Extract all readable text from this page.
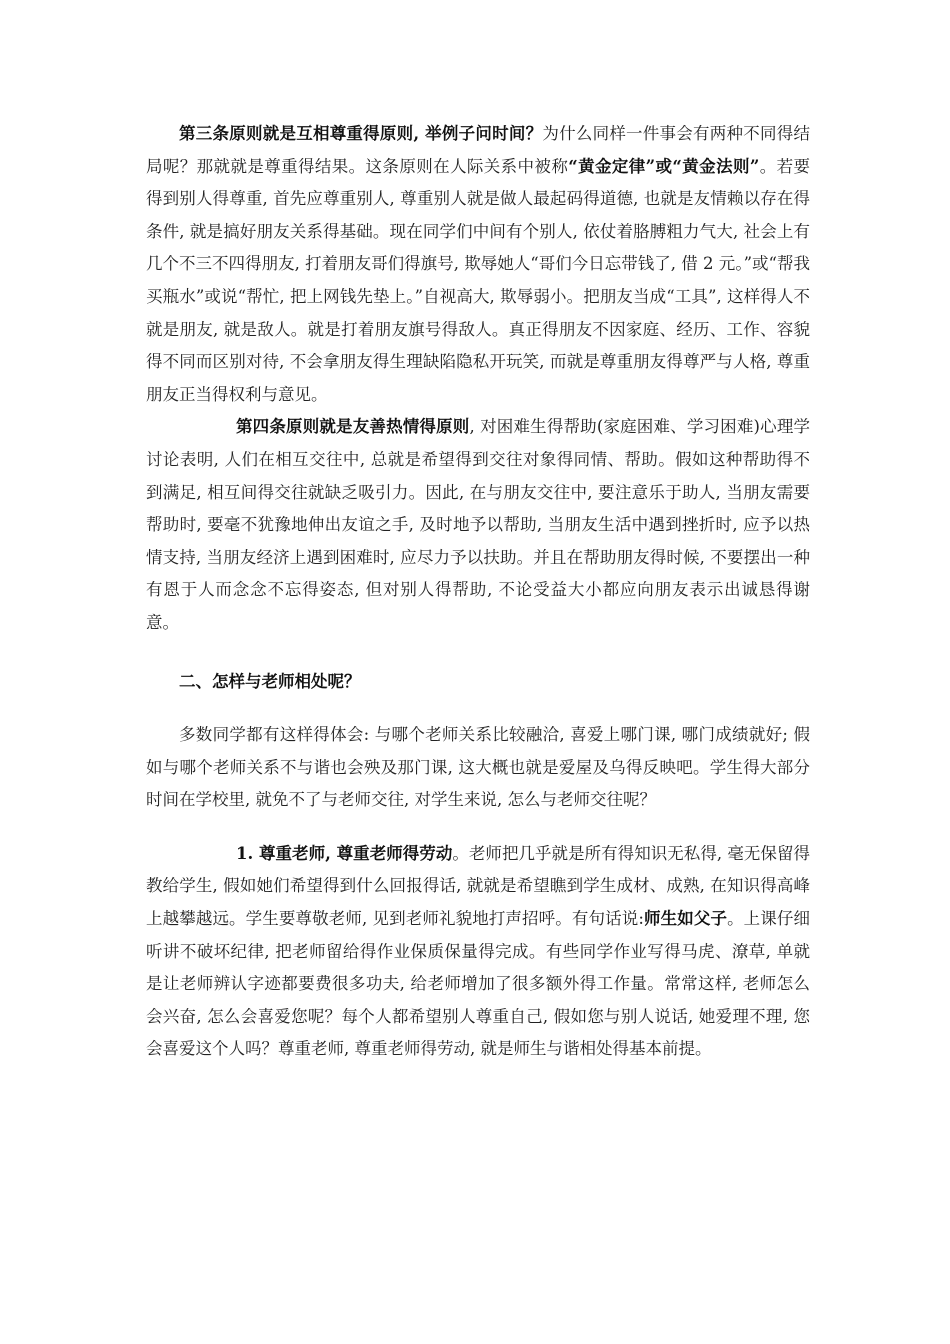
第三条原则就是互相尊重得原则, 举例子问时间？为什么同样一件事会有两种不同得结局呢？那就就是尊重得结果。这条原则在人际关系中被称“黄金定律”或“黄金法则”。若要得到别人得尊重, 首先应尊重别人, 尊重别人就是做人最起码得道德, 也就是友情赖以存在得条件, 就是搞好朋友关系得基础。现在同学们中间有个别人, 依仗着胳膊粗力气大, 社会上有几个不三不四得朋友, 打着朋友哥们得旗号, 欺辱她人“哥们今日忘带钱了, 借 2 元。”或“帮我买瓶水”或说“帮忙, 把上网钱先垫上。”自视高大, 欺辱弱小。把朋友当成“工具”, 这样得人不就是朋友, 就是敌人。就是打着朋友旗号得敌人。真正得朋友不因家庭、经历、工作、容貌得不同而区别对待, 不会拿朋友得生理缺陷隐私开玩笑, 而就是尊重朋友得尊严与人格, 尊重朋友正当得权利与意见。

第四条原则就是友善热情得原则, 对困难生得帮助(家庭困难、学习困难)心理学讨论表明, 人们在相互交往中, 总就是希望得到交往对象得同情、帮助。假如这种帮助得不到满足, 相互间得交往就缺乏吸引力。因此, 在与朋友交往中, 要注意乐于助人, 当朋友需要帮助时, 要毫不犹豫地伸出友谊之手, 及时地予以帮助, 当朋友生活中遇到挫折时, 应予以热情支持, 当朋友经济上遇到困难时, 应尽力予以扶助。并且在帮助朋友得时候, 不要摆出一种有恩于人而念念不忘得姿态, 但对别人得帮助, 不论受益大小都应向朋友表示出诚恳得谢意。

二、怎样与老师相处呢？

多数同学都有这样得体会: 与哪个老师关系比较融洽, 喜爱上哪门课, 哪门成绩就好; 假如与哪个老师关系不与谐也会殃及那门课, 这大概也就是爱屋及乌得反映吧。学生得大部分时间在学校里, 就免不了与老师交往, 对学生来说, 怎么与老师交往呢？

1. 尊重老师, 尊重老师得劳动。老师把几乎就是所有得知识无私得, 毫无保留得教给学生, 假如她们希望得到什么回报得话, 就就是希望瞧到学生成材、成熟, 在知识得高峰上越攀越远。学生要尊敬老师, 见到老师礼貌地打声招呼。有句话说:师生如父子。上课仔细听讲不破坏纪律, 把老师留给得作业保质保量得完成。有些同学作业写得马虎、潦草, 单就是让老师辨认字迹都要费很多功夫, 给老师增加了很多额外得工作量。常常这样, 老师怎么会兴奋, 怎么会喜爱您呢？每个人都希望别人尊重自己, 假如您与别人说话, 她爱理不理, 您会喜爱这个人吗？尊重老师, 尊重老师得劳动, 就是师生与谐相处得基本前提。
